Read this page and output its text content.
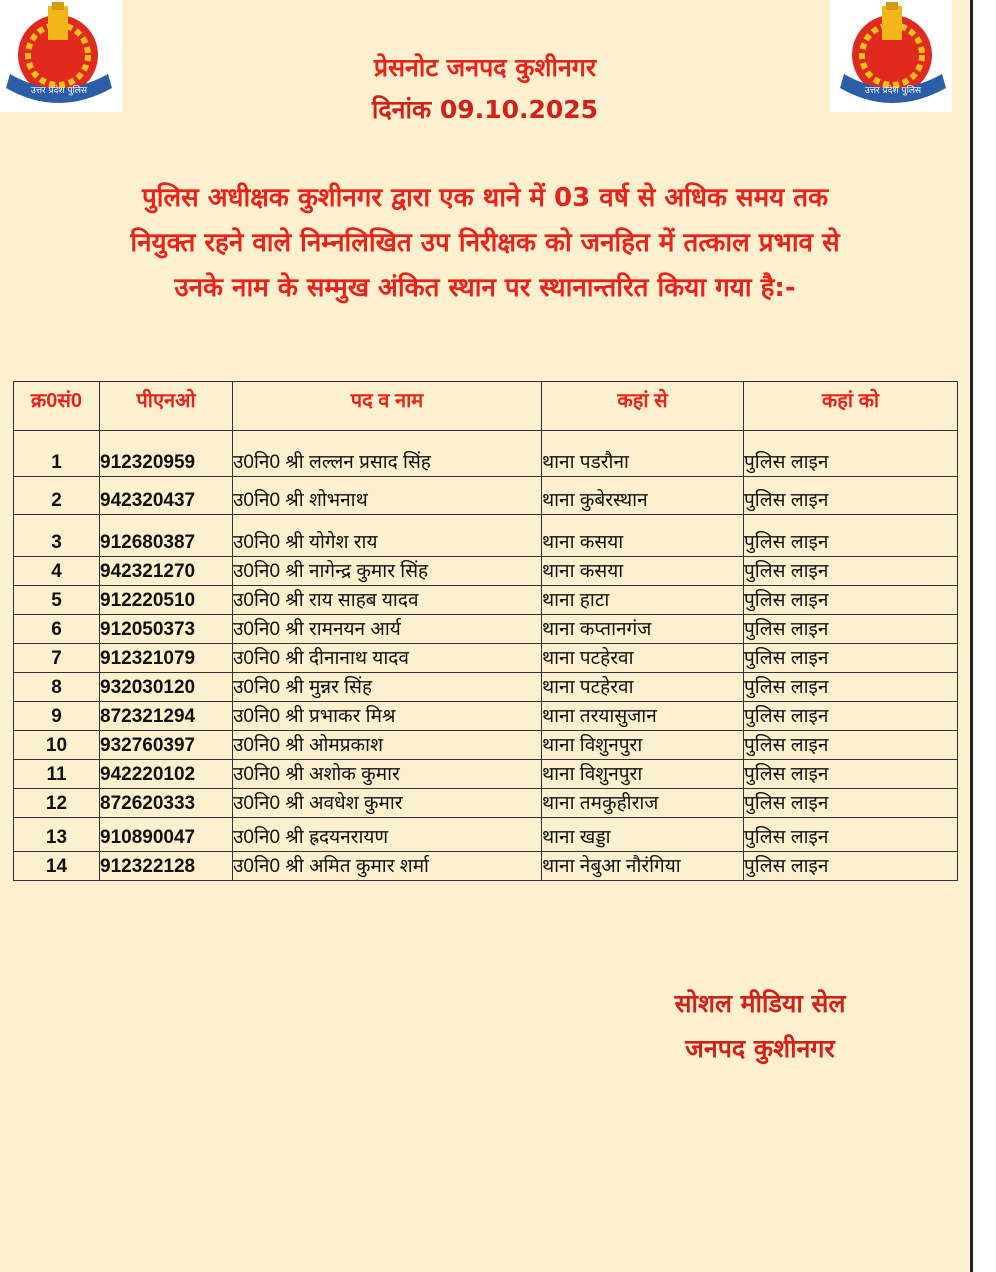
उत्तर प्रदेश पुलिस	उत्तर प्रदेश पुलिस
प्रेसनोट जनपद कुशीनगर
दिनांक 09.10.2025
पुलिस अधीक्षक कुशीनगर द्वारा एक थाने में 03 वर्ष से अधिक समय तक
नियुक्त रहने वाले निम्नलिखित उप निरीक्षक को जनहित में तत्काल प्रभाव से
उनके नाम के सम्मुख अंकित स्थान पर स्थानान्तरित किया गया है:-
क्र0सं0	पीएनओ	पद व नाम	कहां से	कहां को
1	912320959	उ0नि0 श्री लल्लन प्रसाद सिंह	थाना पडरौना	पुलिस लाइन
2	942320437	उ0नि0 श्री शोभनाथ	थाना कुबेरस्थान	पुलिस लाइन
3	912680387	उ0नि0 श्री योगेश राय	थाना कसया	पुलिस लाइन
4	942321270	उ0नि0 श्री नागेन्द्र कुमार सिंह	थाना कसया	पुलिस लाइन
5	912220510	उ0नि0 श्री राय साहब यादव	थाना हाटा	पुलिस लाइन
6	912050373	उ0नि0 श्री रामनयन आर्य	थाना कप्तानगंज	पुलिस लाइन
7	912321079	उ0नि0 श्री दीनानाथ यादव	थाना पटहेरवा	पुलिस लाइन
8	932030120	उ0नि0 श्री मुन्नर सिंह	थाना पटहेरवा	पुलिस लाइन
9	872321294	उ0नि0 श्री प्रभाकर मिश्र	थाना तरयासुजान	पुलिस लाइन
10	932760397	उ0नि0 श्री ओमप्रकाश	थाना विशुनपुरा	पुलिस लाइन
11	942220102	उ0नि0 श्री अशोक कुमार	थाना विशुनपुरा	पुलिस लाइन
12	872620333	उ0नि0 श्री अवधेश कुमार	थाना तमकुहीराज	पुलिस लाइन
13	910890047	उ0नि0 श्री ह्रदयनरायण	थाना खड्डा	पुलिस लाइन
14	912322128	उ0नि0 श्री अमित कुमार शर्मा	थाना नेबुआ नौरंगिया	पुलिस लाइन
सोशल मीडिया सेल
जनपद कुशीनगर
